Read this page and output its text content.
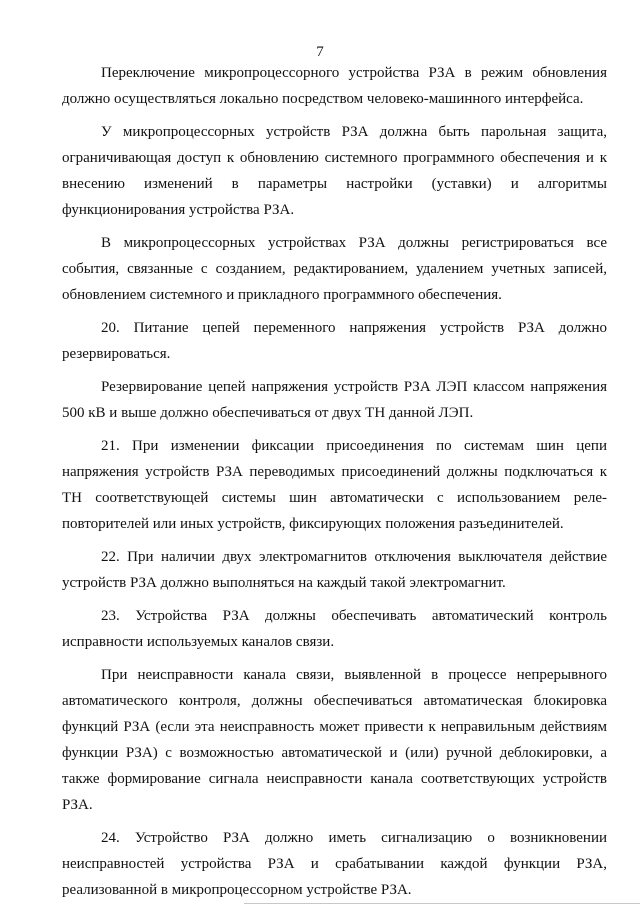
7

Переключение микропроцессорного устройства РЗА в режим обновления должно осуществляться локально посредством человеко-машинного интерфейса.

У микропроцессорных устройств РЗА должна быть парольная защита, ограничивающая доступ к обновлению системного программного обеспечения и к внесению изменений в параметры настройки (уставки) и алгоритмы функционирования устройства РЗА.

В микропроцессорных устройствах РЗА должны регистрироваться все события, связанные с созданием, редактированием, удалением учетных записей, обновлением системного и прикладного программного обеспечения.

20. Питание цепей переменного напряжения устройств РЗА должно резервироваться.

Резервирование цепей напряжения устройств РЗА ЛЭП классом напряжения 500 кВ и выше должно обеспечиваться от двух ТН данной ЛЭП.

21. При изменении фиксации присоединения по системам шин цепи напряжения устройств РЗА переводимых присоединений должны подключаться к ТН соответствующей системы шин автоматически с использованием реле-повторителей или иных устройств, фиксирующих положения разъединителей.

22. При наличии двух электромагнитов отключения выключателя действие устройств РЗА должно выполняться на каждый такой электромагнит.

23. Устройства РЗА должны обеспечивать автоматический контроль исправности используемых каналов связи.

При неисправности канала связи, выявленной в процессе непрерывного автоматического контроля, должны обеспечиваться автоматическая блокировка функций РЗА (если эта неисправность может привести к неправильным действиям функции РЗА) с возможностью автоматической и (или) ручной деблокировки, а также формирование сигнала неисправности канала соответствующих устройств РЗА.

24. Устройство РЗА должно иметь сигнализацию о возникновении неисправностей устройства РЗА и срабатывании каждой функции РЗА, реализованной в микропроцессорном устройстве РЗА.
